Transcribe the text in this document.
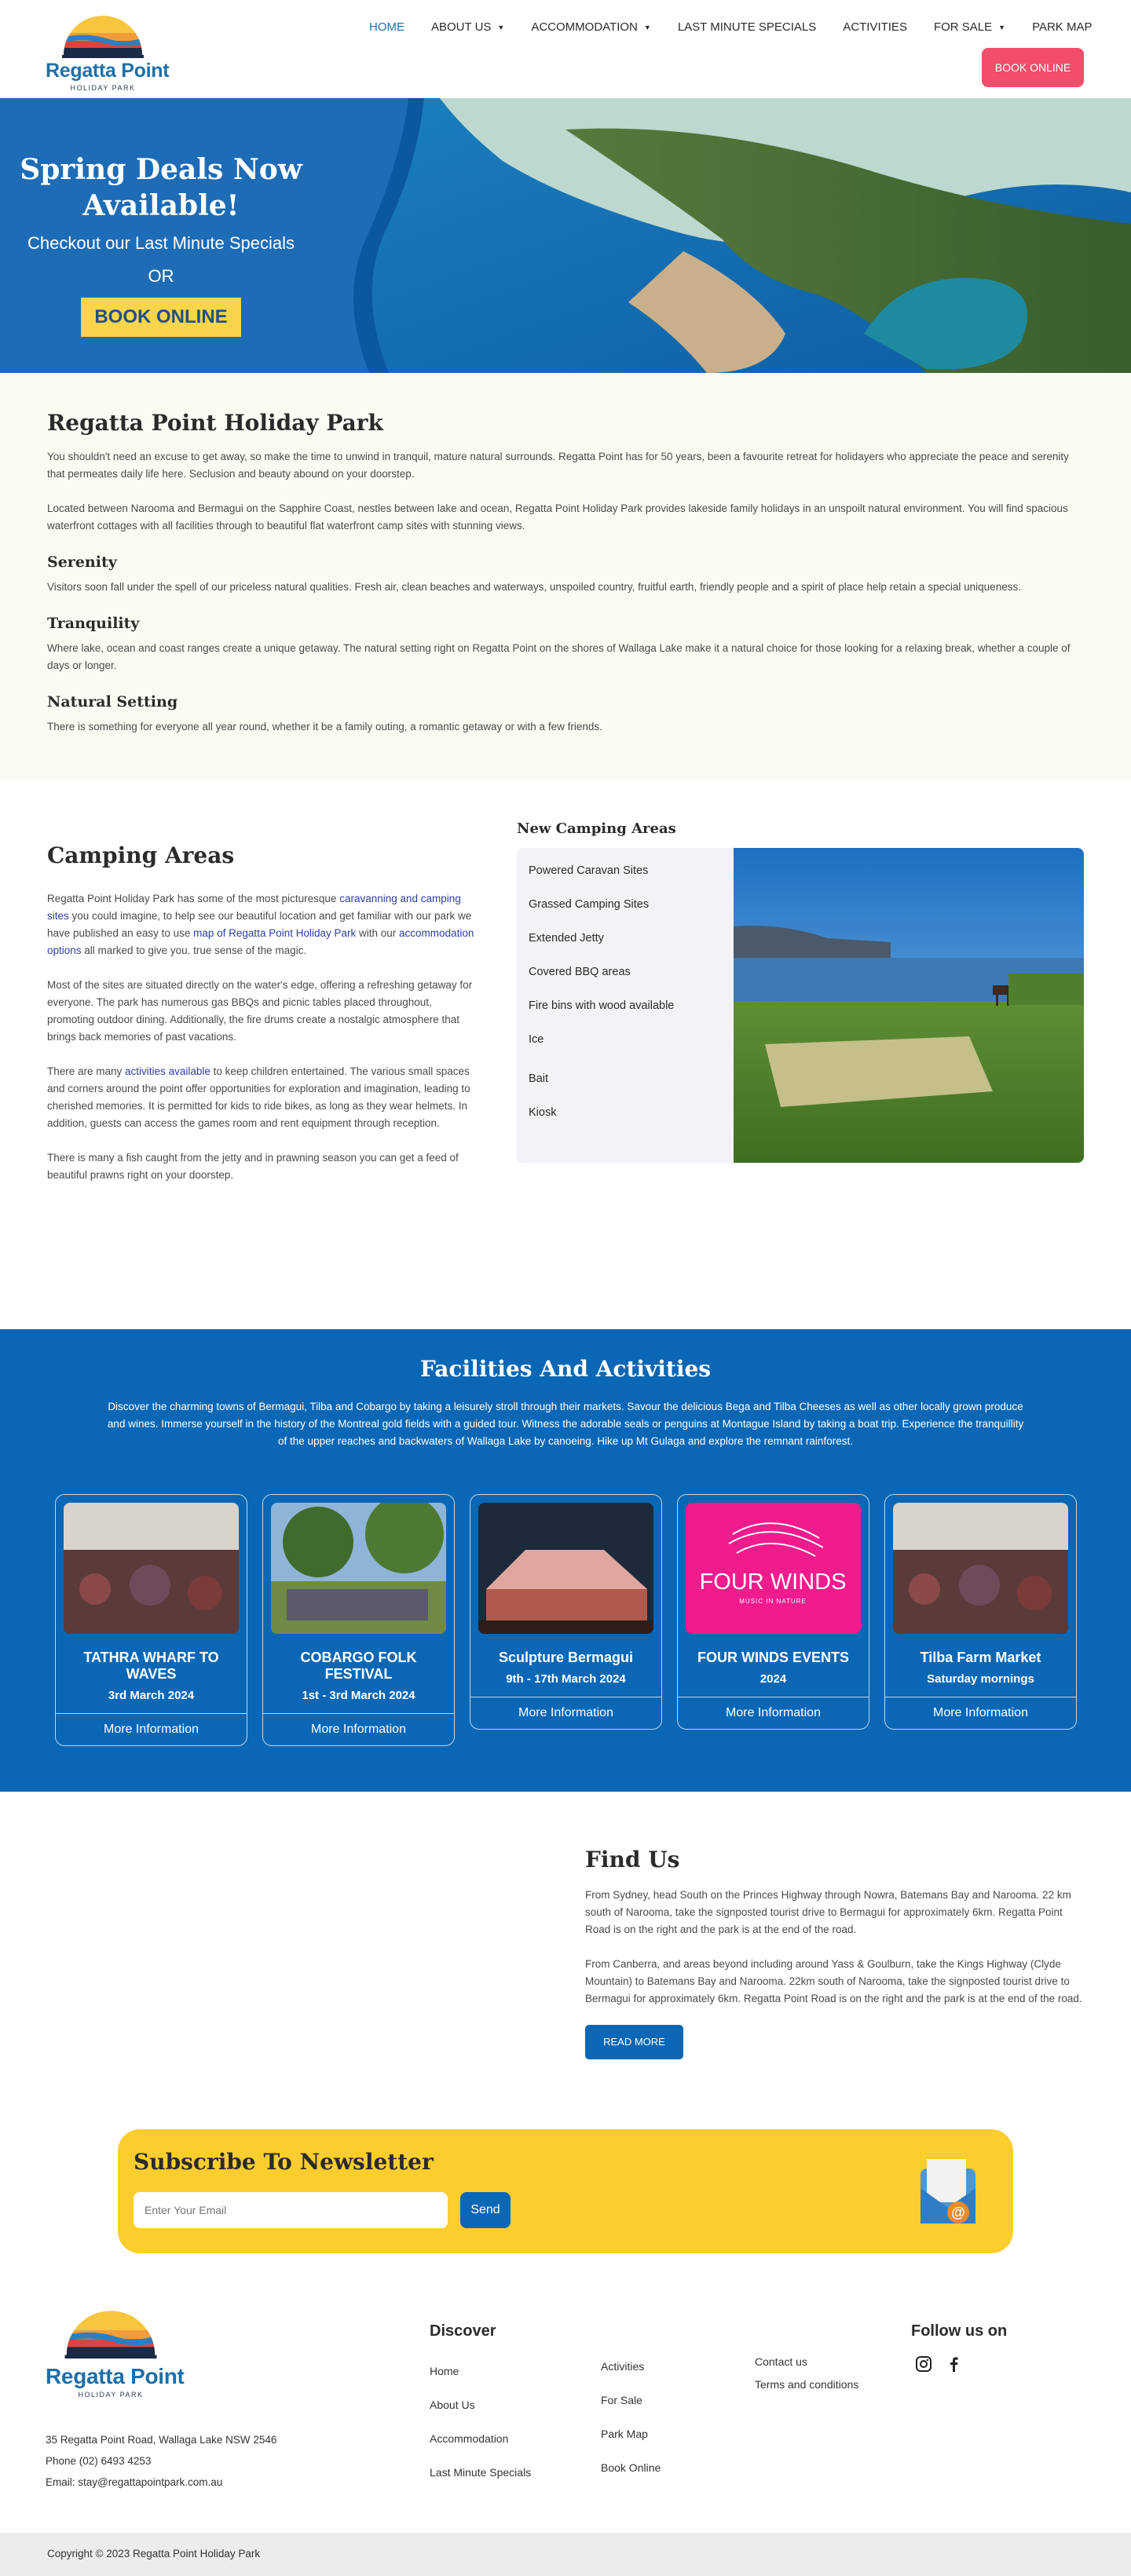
Regatta Point
HOLIDAY PARK
HOME ABOUT US ▼ ACCOMMODATION ▼ LAST MINUTE SPECIALS ACTIVITIES FOR SALE ▼ PARK MAP
BOOK ONLINE
Spring Deals Now Available!
Checkout our Last Minute Specials
OR
BOOK ONLINE
Regatta Point Holiday Park

You shouldn't need an excuse to get away, so make the time to unwind in tranquil, mature natural surrounds. Regatta Point has for 50 years, been a favourite retreat for holidayers who appreciate the peace and serenity that permeates daily life here. Seclusion and beauty abound on your doorstep.

Located between Narooma and Bermagui on the Sapphire Coast, nestles between lake and ocean, Regatta Point Holiday Park provides lakeside family holidays in an unspoilt natural environment. You will find spacious waterfront cottages with all facilities through to beautiful flat waterfront camp sites with stunning views.

Serenity

Visitors soon fall under the spell of our priceless natural qualities. Fresh air, clean beaches and waterways, unspoiled country, fruitful earth, friendly people and a spirit of place help retain a special uniqueness.

Tranquility

Where lake, ocean and coast ranges create a unique getaway. The natural setting right on Regatta Point on the shores of Wallaga Lake make it a natural choice for those looking for a relaxing break, whether a couple of days or longer.

Natural Setting

There is something for everyone all year round, whether it be a family outing, a romantic getaway or with a few friends.

Camping Areas

Regatta Point Holiday Park has some of the most picturesque caravanning and camping sites you could imagine, to help see our beautiful location and get familiar with our park we have published an easy to use map of Regatta Point Holiday Park with our accommodation options all marked to give you. true sense of the magic.

Most of the sites are situated directly on the water's edge, offering a refreshing getaway for everyone. The park has numerous gas BBQs and picnic tables placed throughout, promoting outdoor dining. Additionally, the fire drums create a nostalgic atmosphere that brings back memories of past vacations.

There are many activities available to keep children entertained. The various small spaces and corners around the point offer opportunities for exploration and imagination, leading to cherished memories. It is permitted for kids to ride bikes, as long as they wear helmets. In addition, guests can access the games room and rent equipment through reception.

There is many a fish caught from the jetty and in prawning season you can get a feed of beautiful prawns right on your doorstep.

New Camping Areas
Powered Caravan Sites
Grassed Camping Sites
Extended Jetty
Covered BBQ areas
Fire bins with wood available
Ice
Bait
Kiosk
Facilities And Activities
Discover the charming towns of Bermagui, Tilba and Cobargo by taking a leisurely stroll through their markets. Savour the delicious Bega and Tilba Cheeses as well as other locally grown produce and wines. Immerse yourself in the history of the Montreal gold fields with a guided tour. Witness the adorable seals or penguins at Montague Island by taking a boat trip. Experience the tranquillity of the upper reaches and backwaters of Wallaga Lake by canoeing. Hike up Mt Gulaga and explore the remnant rainforest.
TATHRA WHARF TO WAVES
3rd March 2024
More Information
COBARGO FOLK FESTIVAL
1st - 3rd March 2024
More Information
Sculpture Bermagui
9th - 17th March 2024
More Information
FOUR WINDS
MUSIC IN NATURE
FOUR WINDS EVENTS
2024
More Information
Tilba Farm Market
Saturday mornings
More Information
Find Us

From Sydney, head South on the Princes Highway through Nowra, Batemans Bay and Narooma. 22 km south of Narooma, take the signposted tourist drive to Bermagui for approximately 6km. Regatta Point Road is on the right and the park is at the end of the road.

From Canberra, and areas beyond including around Yass & Goulburn, take the Kings Highway (Clyde Mountain) to Batemans Bay and Narooma. 22km south of Narooma, take the signposted tourist drive to Bermagui for approximately 6km. Regatta Point Road is on the right and the park is at the end of the road.

READ MORE
Subscribe To Newsletter
Enter Your Email
Send	@
Regatta Point
HOLIDAY PARK
35 Regatta Point Road, Wallaga Lake NSW 2546
Phone (02) 6493 4253
Email: stay@regattapointpark.com.au
Discover
Home
About Us
Accommodation
Last Minute Specials
Activities
For Sale
Park Map
Book Online
Contact us
Terms and conditions
Follow us on
Copyright © 2023 Regatta Point Holiday Park
